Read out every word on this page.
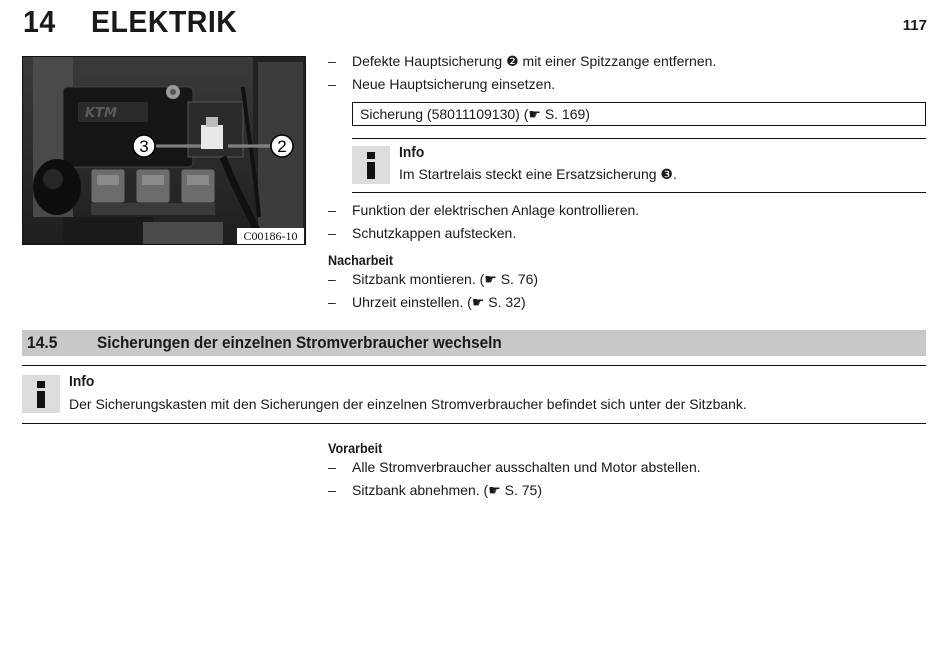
14 ELEKTRIK	117
KTM
3	2
C00186-10
– Defekte Hauptsicherung ❷ mit einer Spitzzange entfernen.
– Neue Hauptsicherung einsetzen.
Sicherung (58011109130) (☛ S. 169)
Info
Im Startrelais steckt eine Ersatzsicherung ❸.
– Funktion der elektrischen Anlage kontrollieren.
– Schutzkappen aufstecken.
Nacharbeit
– Sitzbank montieren. (☛ S. 76)
– Uhrzeit einstellen. (☛ S. 32)
14.5 Sicherungen der einzelnen Stromverbraucher wechseln
Info
Der Sicherungskasten mit den Sicherungen der einzelnen Stromverbraucher befindet sich unter der Sitzbank.
Vorarbeit
– Alle Stromverbraucher ausschalten und Motor abstellen.
– Sitzbank abnehmen. (☛ S. 75)
